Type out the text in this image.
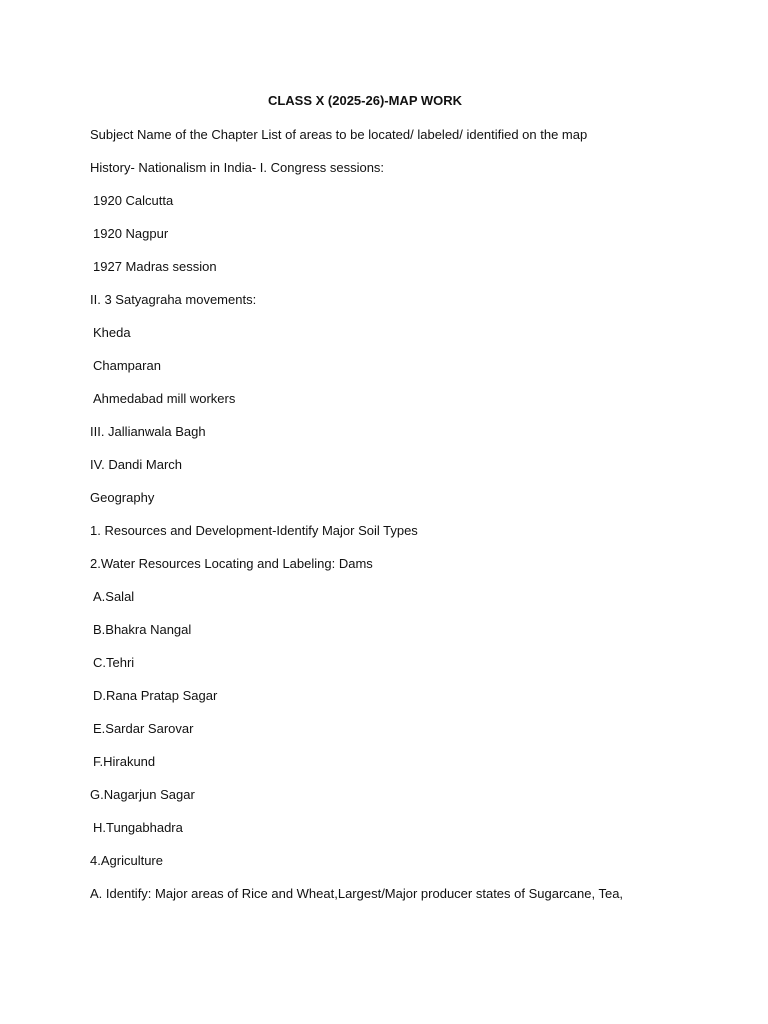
CLASS X (2025-26)-MAP WORK
Subject Name of the Chapter List of areas to be located/ labeled/ identified on the map
History- Nationalism in India- I. Congress sessions:
1920 Calcutta
1920 Nagpur
1927 Madras session
II. 3 Satyagraha movements:
Kheda
Champaran
Ahmedabad mill workers
III. Jallianwala Bagh
IV. Dandi March
Geography
1. Resources and Development-Identify Major Soil Types
2.Water Resources Locating and Labeling: Dams
A.Salal
B.Bhakra Nangal
C.Tehri
D.Rana Pratap Sagar
E.Sardar Sarovar
F.Hirakund
G.Nagarjun Sagar
H.Tungabhadra
4.Agriculture
A. Identify: Major areas of Rice and Wheat,Largest/Major producer states of Sugarcane, Tea,
